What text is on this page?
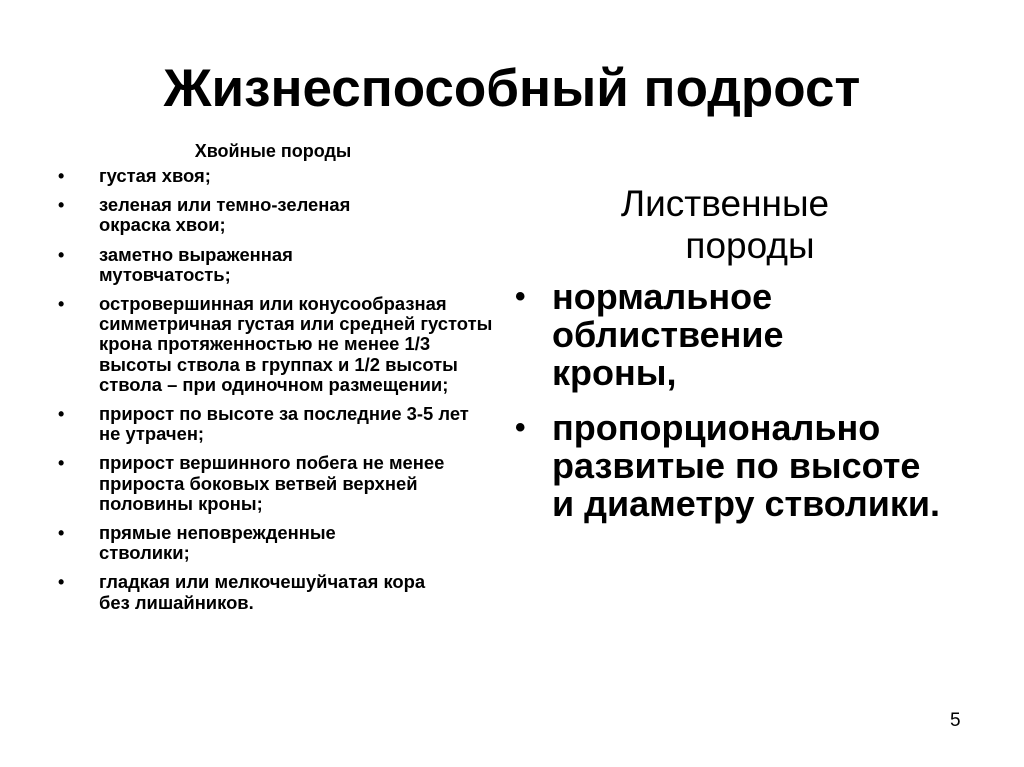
Жизнеспособный подрост
Хвойные породы
• густая хвоя;
• зеленая или темно-зеленая окраска хвои;
• заметно выраженная мутовчатость;
• островершинная или конусообразная симметричная густая или средней густоты крона протяженностью не менее 1/3 высоты ствола в группах и 1/2 высоты ствола – при одиночном размещении;
• прирост по высоте за последние 3-5 лет не утрачен;
• прирост вершинного побега не менее прироста боковых ветвей верхней половины кроны;
• прямые неповрежденные стволики;
• гладкая или мелкочешуйчатая кора без лишайников.
Лиственные
породы
• нормальное облиствение кроны,
• пропорционально развитые по высоте и диаметру стволики.
5
